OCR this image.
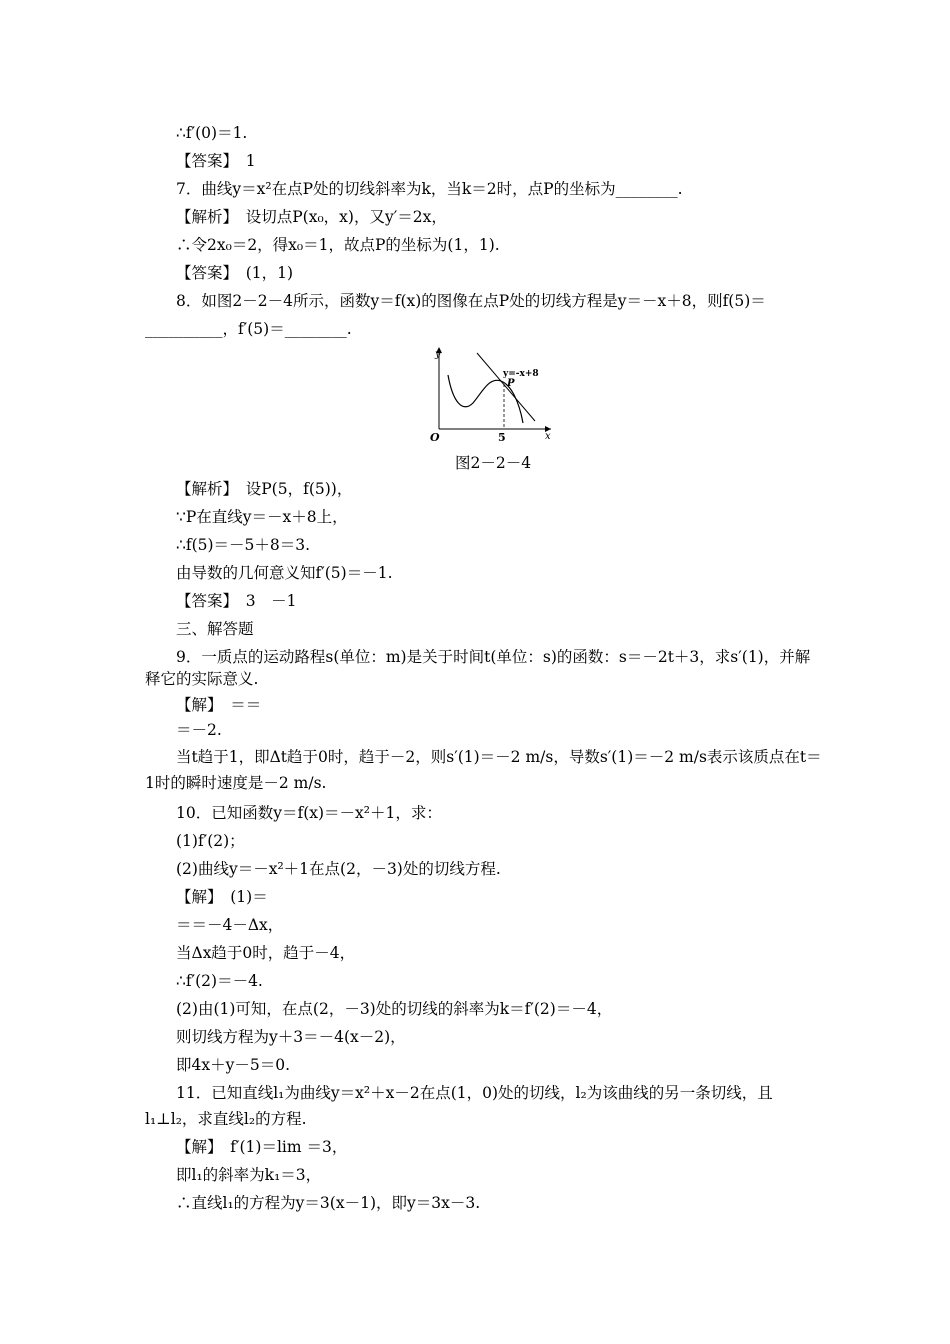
∴f′(0)＝1.
【答案】　1
7．曲线y＝x²在点P处的切线斜率为k，当k＝2时，点P的坐标为________.
【解析】　设切点P(x₀，x)，又y′＝2x，
∴令2x₀＝2，得x₀＝1，故点P的坐标为(1，1).
【答案】　(1，1)
8．如图2－2－4所示，函数y＝f(x)的图像在点P处的切线方程是y＝－x＋8，则f(5)＝
__________，f′(5)＝________.
y
x
O	5
P
y=-x+8
图2－2－4
【解析】　设P(5，f(5))，
∵P在直线y＝－x＋8上，
∴f(5)＝－5＋8＝3.
由导数的几何意义知f′(5)＝－1.
【答案】　3　－1
三、解答题
9．一质点的运动路程s(单位：m)是关于时间t(单位：s)的函数：s＝－2t＋3，求s′(1)，并解
释它的实际意义.
【解】　＝＝
＝－2.
当t趋于1，即Δt趋于0时，趋于－2，则s′(1)＝－2 m/s，导数s′(1)＝－2 m/s表示该质点在t＝
1时的瞬时速度是－2 m/s.
10．已知函数y＝f(x)＝－x²＋1，求：
(1)f′(2)；
(2)曲线y＝－x²＋1在点(2，－3)处的切线方程.
【解】　(1)＝
＝＝－4－Δx，
当Δx趋于0时，趋于－4，
∴f′(2)＝－4.
(2)由(1)可知，在点(2，－3)处的切线的斜率为k＝f′(2)＝－4，
则切线方程为y＋3＝－4(x－2)，
即4x＋y－5＝0.
11．已知直线l₁为曲线y＝x²＋x－2在点(1，0)处的切线，l₂为该曲线的另一条切线，且
l₁⊥l₂，求直线l₂的方程.
【解】　f′(1)＝lim ＝3，
即l₁的斜率为k₁＝3，
∴直线l₁的方程为y＝3(x－1)，即y＝3x－3.
